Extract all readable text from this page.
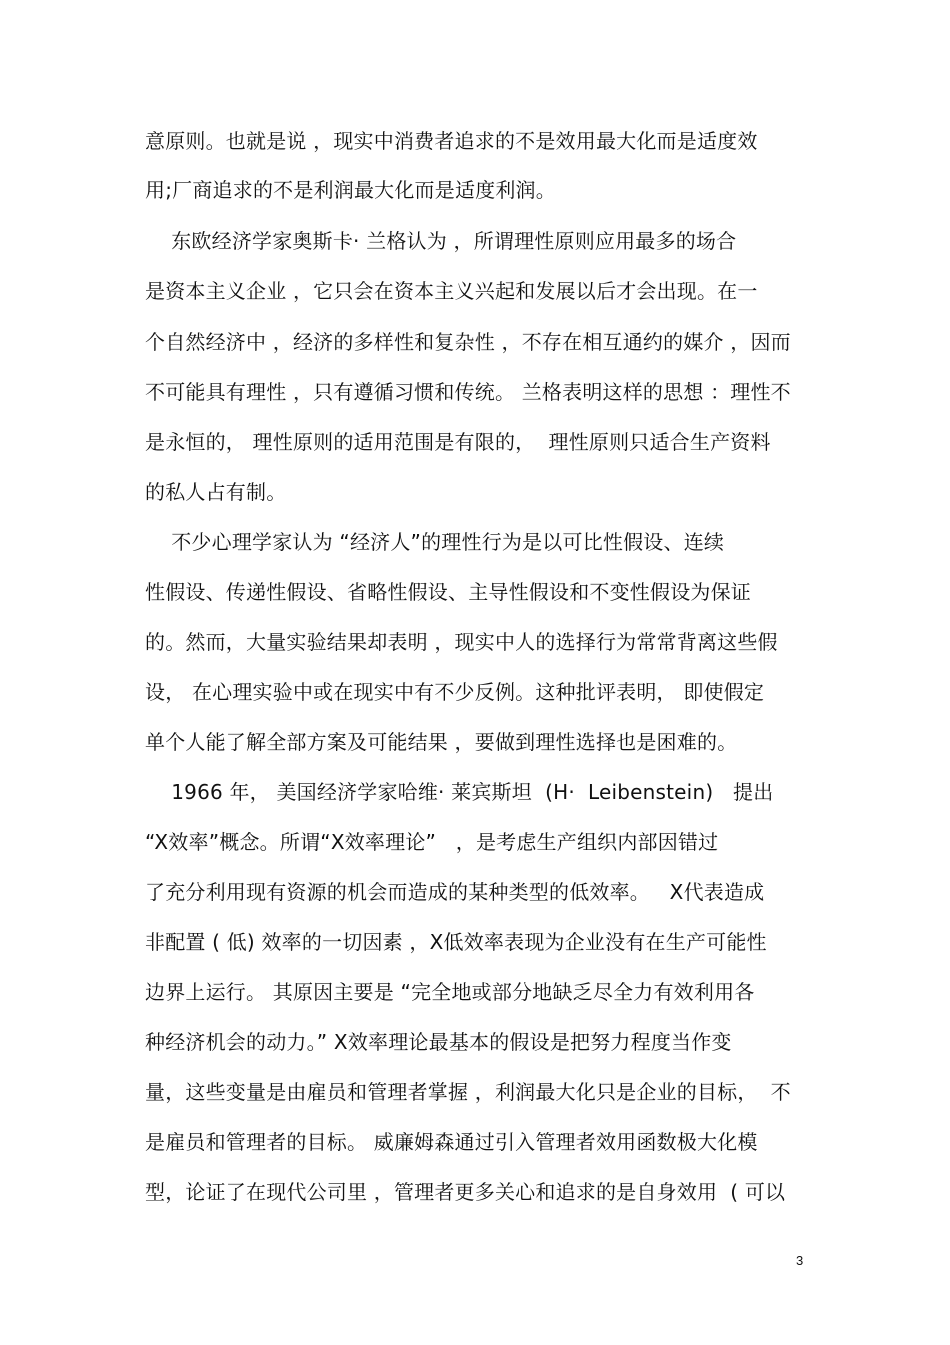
意原则。也就是说 ，现实中消费者追求的不是效用最大化而是适度效
用;厂商追求的不是利润最大化而是适度利润。
东欧经济学家奥斯卡· 兰格认为 ，所谓理性原则应用最多的场合
是资本主义企业 ，它只会在资本主义兴起和发展以后才会出现。在一
个自然经济中 ，经济的多样性和复杂性 ，不存在相互通约的媒介 ，因而
不可能具有理性 ，只有遵循习惯和传统。 兰格表明这样的思想 ：理性不
是永恒的， 理性原则的适用范围是有限的，  理性原则只适合生产资料
的私人占有制。
不少心理学家认为 “经济人”的理性行为是以可比性假设、连续
性假设、传递性假设、省略性假设、主导性假设和不变性假设为保证
的。然而，大量实验结果却表明 ，现实中人的选择行为常常背离这些假
设， 在心理实验中或在现实中有不少反例。这种批评表明， 即使假定
单个人能了解全部方案及可能结果 ，要做到理性选择也是困难的。
1966 年， 美国经济学家哈维· 莱宾斯坦  (H·  Leibenstein)   提出
“X效率”概念。所谓“X效率理论”   ，是考虑生产组织内部因错过
了充分利用现有资源的机会而造成的某种类型的低效率。   X代表造成
非配置 ( 低) 效率的一切因素 ，X低效率表现为企业没有在生产可能性
边界上运行。 其原因主要是 “完全地或部分地缺乏尽全力有效利用各
种经济机会的动力。” X效率理论最基本的假设是把努力程度当作变
量，这些变量是由雇员和管理者掌握 ，利润最大化只是企业的目标，  不
是雇员和管理者的目标。 威廉姆森通过引入管理者效用函数极大化模
型，论证了在现代公司里 ，管理者更多关心和追求的是自身效用  ( 可以
3
